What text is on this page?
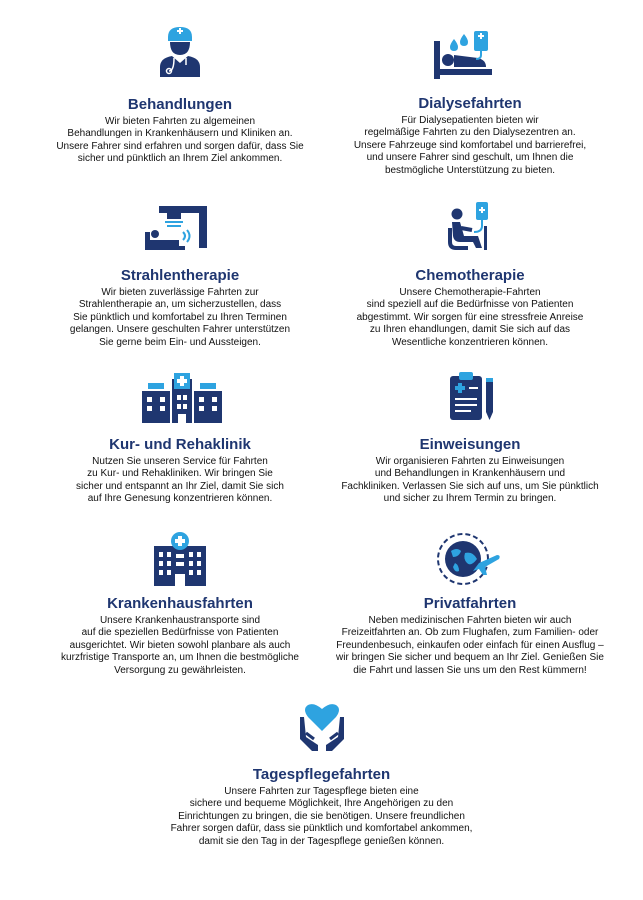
Behandlungen

Wir bieten Fahrten zu algemeinen
Behandlungen in Krankenhäusern und Kliniken an.
Unsere Fahrer sind erfahren und sorgen dafür, dass Sie
sicher und pünktlich an Ihrem Ziel ankommen.

Dialysefahrten

Für Dialysepatienten bieten wir
regelmäßige Fahrten zu den Dialysezentren an.
Unsere Fahrzeuge sind komfortabel und barrierefrei,
und unsere Fahrer sind geschult, um Ihnen die
bestmögliche Unterstützung zu bieten.

Strahlentherapie

Wir bieten zuverlässige Fahrten zur
Strahlentherapie an, um sicherzustellen, dass
Sie pünktlich und komfortabel zu Ihren Terminen
gelangen. Unsere geschulten Fahrer unterstützen
Sie gerne beim Ein- und Aussteigen.

Chemotherapie

Unsere Chemotherapie-Fahrten
sind speziell auf die Bedürfnisse von Patienten
abgestimmt. Wir sorgen für eine stressfreie Anreise
zu Ihren ehandlungen, damit Sie sich auf das
Wesentliche konzentrieren können.

Kur- und Rehaklinik

Nutzen Sie unseren Service für Fahrten
zu Kur- und Rehakliniken. Wir bringen Sie
sicher und entspannt an Ihr Ziel, damit Sie sich
auf Ihre Genesung konzentrieren können.

Einweisungen

Wir organisieren Fahrten zu Einweisungen
und Behandlungen in Krankenhäusern und
Fachkliniken. Verlassen Sie sich auf uns, um Sie pünktlich
und sicher zu Ihrem Termin zu bringen.

Krankenhausfahrten

Unsere Krankenhaustransporte sind
auf die speziellen Bedürfnisse von Patienten
ausgerichtet. Wir bieten sowohl planbare als auch
kurzfristige Transporte an, um Ihnen die bestmögliche
Versorgung zu gewährleisten.

Privatfahrten

Neben medizinischen Fahrten bieten wir auch
Freizeitfahrten an. Ob zum Flughafen, zum Familien- oder
Freundenbesuch, einkaufen oder einfach für einen Ausflug –
wir bringen Sie sicher und bequem an Ihr Ziel. Genießen Sie
die Fahrt und lassen Sie uns um den Rest kümmern!

Tagespflegefahrten

Unsere Fahrten zur Tagespflege bieten eine
sichere und bequeme Möglichkeit, Ihre Angehörigen zu den
Einrichtungen zu bringen, die sie benötigen. Unsere freundlichen
Fahrer sorgen dafür, dass sie pünktlich und komfortabel ankommen,
damit sie den Tag in der Tagespflege genießen können.
